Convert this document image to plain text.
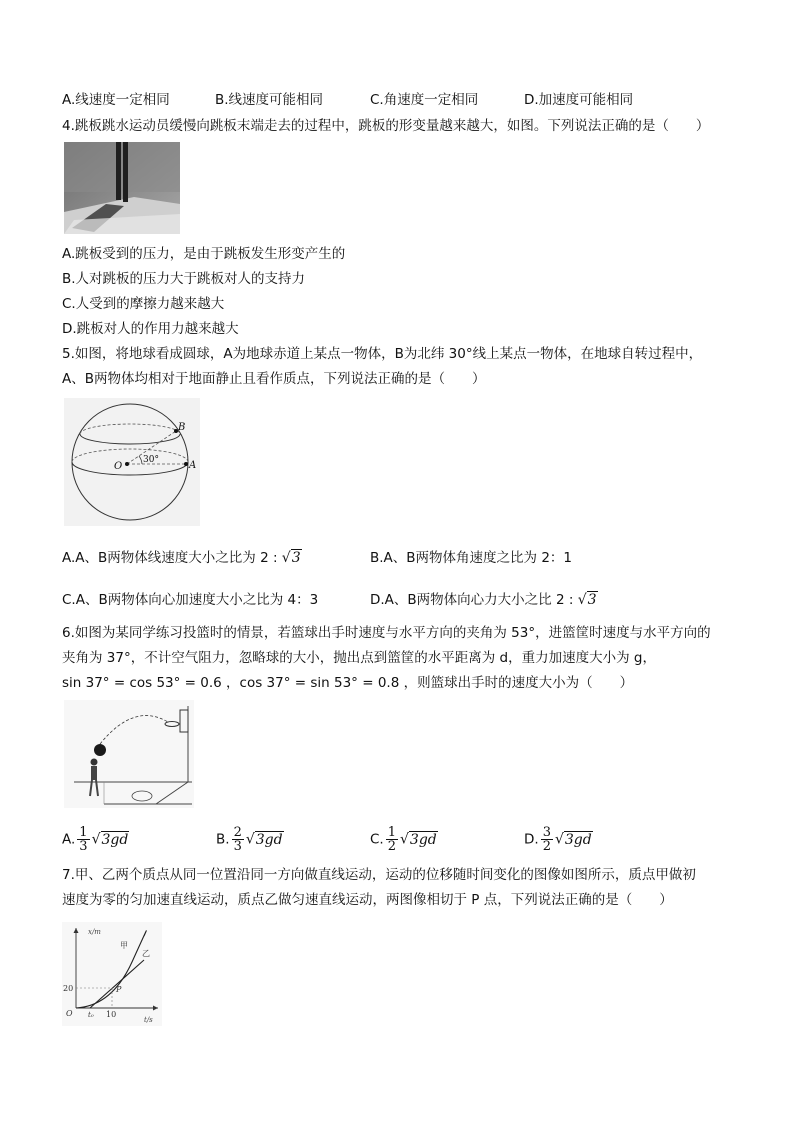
A.线速度一定相同	B.线速度可能相同	C.角速度一定相同	D.加速度可能相同
4.跳板跳水运动员缓慢向跳板末端走去的过程中，跳板的形变量越来越大，如图。下列说法正确的是（　　）
A.跳板受到的压力，是由于跳板发生形变产生的
B.人对跳板的压力大于跳板对人的支持力
C.人受到的摩擦力越来越大
D.跳板对人的作用力越来越大
5.如图，将地球看成圆球，A为地球赤道上某点一物体，B为北纬 30°线上某点一物体，在地球自转过程中，
A、B两物体均相对于地面静止且看作质点，下列说法正确的是（　　）
B
O
30°	A
A.A、B两物体线速度大小之比为 2 : √3	B.A、B两物体角速度之比为 2：1
C.A、B两物体向心加速度大小之比为 4：3	D.A、B两物体向心力大小之比 2 : √3
6.如图为某同学练习投篮时的情景，若篮球出手时速度与水平方向的夹角为 53°，进篮筐时速度与水平方向的
夹角为 37°，不计空气阻力，忽略球的大小，抛出点到篮筐的水平距离为 d，重力加速度大小为 g，
sin 37° = cos 53° = 0.6 ，cos 37° = sin 53° = 0.8 ，则篮球出手时的速度大小为（　　）
A. $\frac{1}{3} √3gd$	B. $\frac{2}{3} √3gd$	C. $\frac{1}{2} √3gd$	D. $\frac{3}{2} √3gd$
7.甲、乙两个质点从同一位置沿同一方向做直线运动，运动的位移随时间变化的图像如图所示，质点甲做初
速度为零的匀加速直线运动，质点乙做匀速直线运动，两图像相切于 P 点，下列说法正确的是（　　）
x/m
t/s
O
20
10
t₀
甲
乙
P
